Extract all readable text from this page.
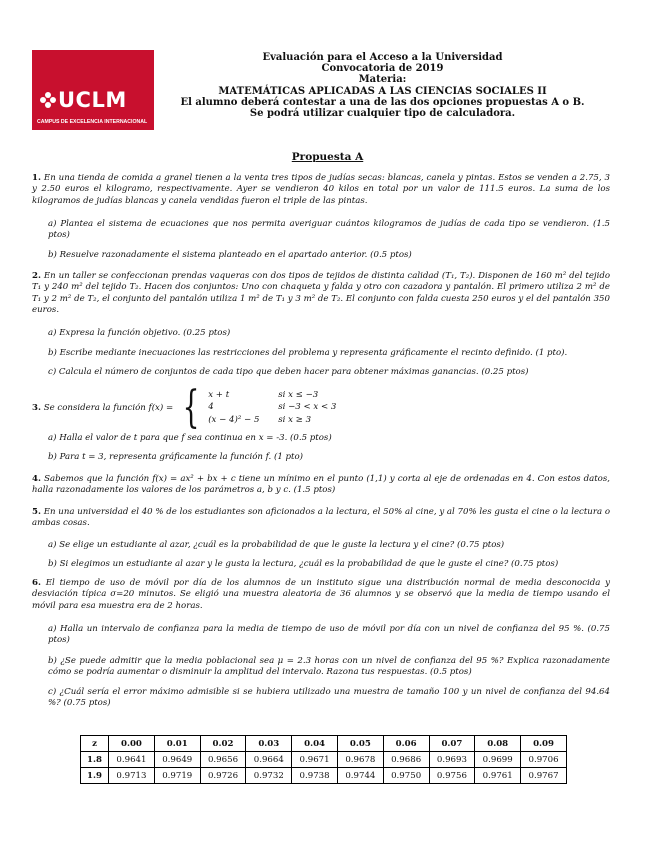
UCLM
CAMPUS DE EXCELENCIA INTERNACIONAL
Evaluación para el Acceso a la Universidad
Convocatoria de 2019
Materia:
MATEMÁTICAS APLICADAS A LAS CIENCIAS SOCIALES II
El alumno deberá contestar a una de las dos opciones propuestas A o B.
Se podrá utilizar cualquier tipo de calculadora.
Propuesta A
1. En una tienda de comida a granel tienen a la venta tres tipos de judías secas: blancas, canela y pintas. Estos se venden a 2.75, 3 y 2.50 euros el kilogramo, respectivamente. Ayer se vendieron 40 kilos en total por un valor de 111.5 euros. La suma de los kilogramos de judías blancas y canela vendidas fueron el triple de las pintas.
a) Plantea el sistema de ecuaciones que nos permita averiguar cuántos kilogramos de judías de cada tipo se vendieron. (1.5 ptos)
b) Resuelve razonadamente el sistema planteado en el apartado anterior. (0.5 ptos)
2. En un taller se confeccionan prendas vaqueras con dos tipos de tejidos de distinta calidad (T₁, T₂). Disponen de 160 m² del tejido T₁ y 240 m² del tejido T₂. Hacen dos conjuntos: Uno con chaqueta y falda y otro con cazadora y pantalón. El primero utiliza 2 m² de T₁ y 2 m² de T₂, el conjunto del pantalón utiliza 1 m² de T₁ y 3 m² de T₂. El conjunto con falda cuesta 250 euros y el del pantalón 350 euros.
a) Expresa la función objetivo. (0.25 ptos)
b) Escribe mediante inecuaciones las restricciones del problema y representa gráficamente el recinto definido. (1 pto).
c) Calcula el número de conjuntos de cada tipo que deben hacer para obtener máximas ganancias. (0.25 ptos)
3.
Se considera la función f(x) = { x + t	si x ≤ −3
4	si −3 < x < 3
(x − 4)² − 5	si x ≥ 3
a) Halla el valor de t para que f sea continua en x = -3. (0.5 ptos)
b) Para t = 3, representa gráficamente la función f. (1 pto)
4. Sabemos que la función f(x) = ax² + bx + c tiene un mínimo en el punto (1,1) y corta al eje de ordenadas en 4. Con estos datos, halla razonadamente los valores de los parámetros a, b y c. (1.5 ptos)
5. En una universidad el 40 % de los estudiantes son aficionados a la lectura, el 50% al cine, y al 70% les gusta el cine o la lectura o ambas cosas.
a) Se elige un estudiante al azar, ¿cuál es la probabilidad de que le guste la lectura y el cine? (0.75 ptos)
b) Si elegimos un estudiante al azar y le gusta la lectura, ¿cuál es la probabilidad de que le guste el cine? (0.75 ptos)
6. El tiempo de uso de móvil por día de los alumnos de un instituto sigue una distribución normal de media desconocida y desviación típica σ=20 minutos. Se eligió una muestra aleatoria de 36 alumnos y se observó que la media de tiempo usando el móvil para esa muestra era de 2 horas.
a) Halla un intervalo de confianza para la media de tiempo de uso de móvil por día con un nivel de confianza del 95 %. (0.75 ptos)
b) ¿Se puede admitir que la media poblacional sea μ = 2.3 horas con un nivel de confianza del 95 %? Explica razonadamente cómo se podría aumentar o disminuir la amplitud del intervalo. Razona tus respuestas. (0.5 ptos)
c) ¿Cuál sería el error máximo admisible si se hubiera utilizado una muestra de tamaño 100 y un nivel de confianza del 94.64 %? (0.75 ptos)
z	0.00	0.01	0.02	0.03	0.04	0.05	0.06	0.07	0.08	0.09
1.8	0.9641	0.9649	0.9656	0.9664	0.9671	0.9678	0.9686	0.9693	0.9699	0.9706
1.9	0.9713	0.9719	0.9726	0.9732	0.9738	0.9744	0.9750	0.9756	0.9761	0.9767
